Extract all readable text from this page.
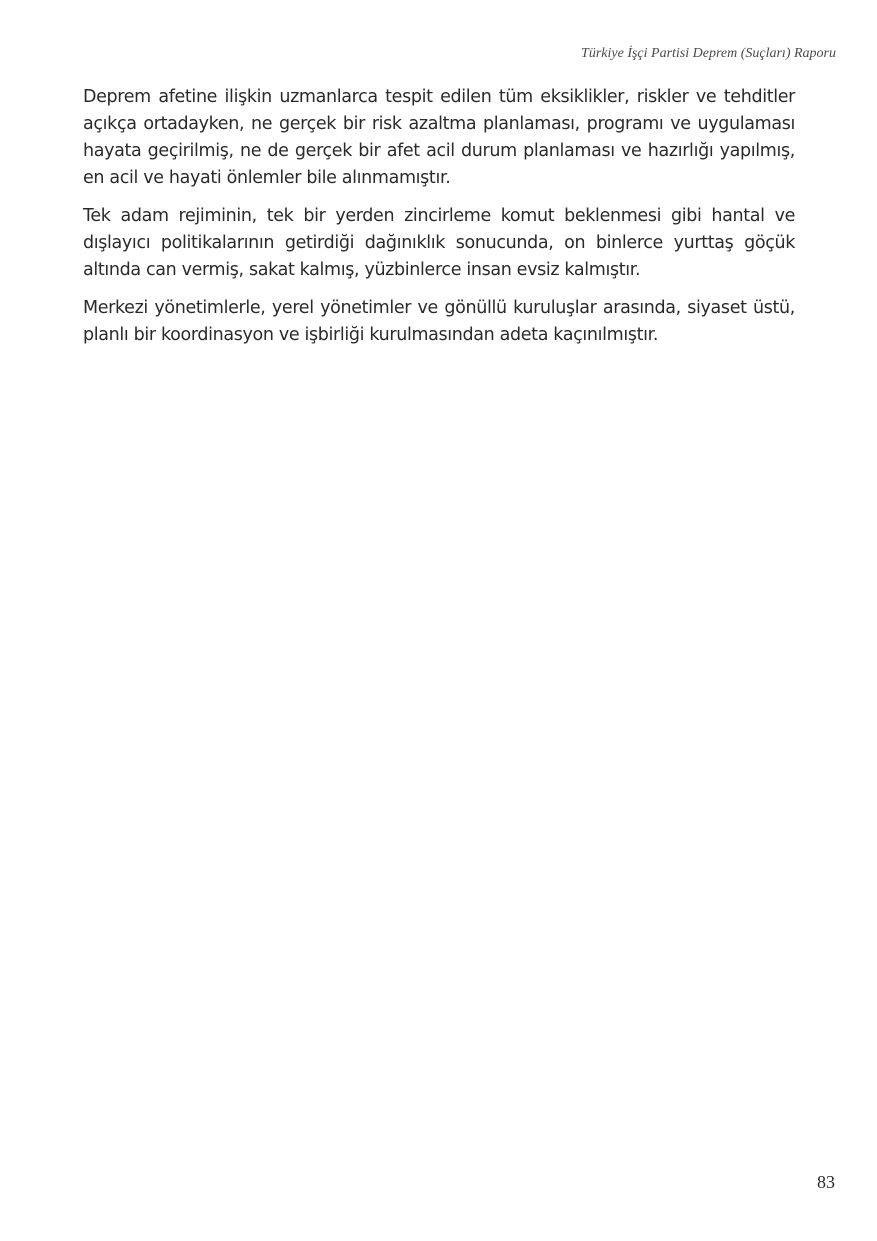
Türkiye İşçi Partisi Deprem (Suçları) Raporu

Deprem afetine ilişkin uzmanlarca tespit edilen tüm eksiklikler, riskler ve tehditler açıkça ortadayken, ne gerçek bir risk azaltma planlaması, programı ve uygulaması hayata geçirilmiş, ne de gerçek bir afet acil durum planlaması ve hazırlığı yapılmış, en acil ve hayati önlemler bile alınmamıştır.

Tek adam rejiminin, tek bir yerden zincirleme komut beklenmesi gibi hantal ve dışlayıcı politikalarının getirdiği dağınıklık sonucunda, on binlerce yurttaş göçük altında can vermiş, sakat kalmış, yüzbinlerce insan evsiz kalmıştır.

Merkezi yönetimlerle, yerel yönetimler ve gönüllü kuruluşlar arasında, siyaset üstü, planlı bir koordinasyon ve işbirliği kurulmasından adeta kaçınılmıştır.

83
